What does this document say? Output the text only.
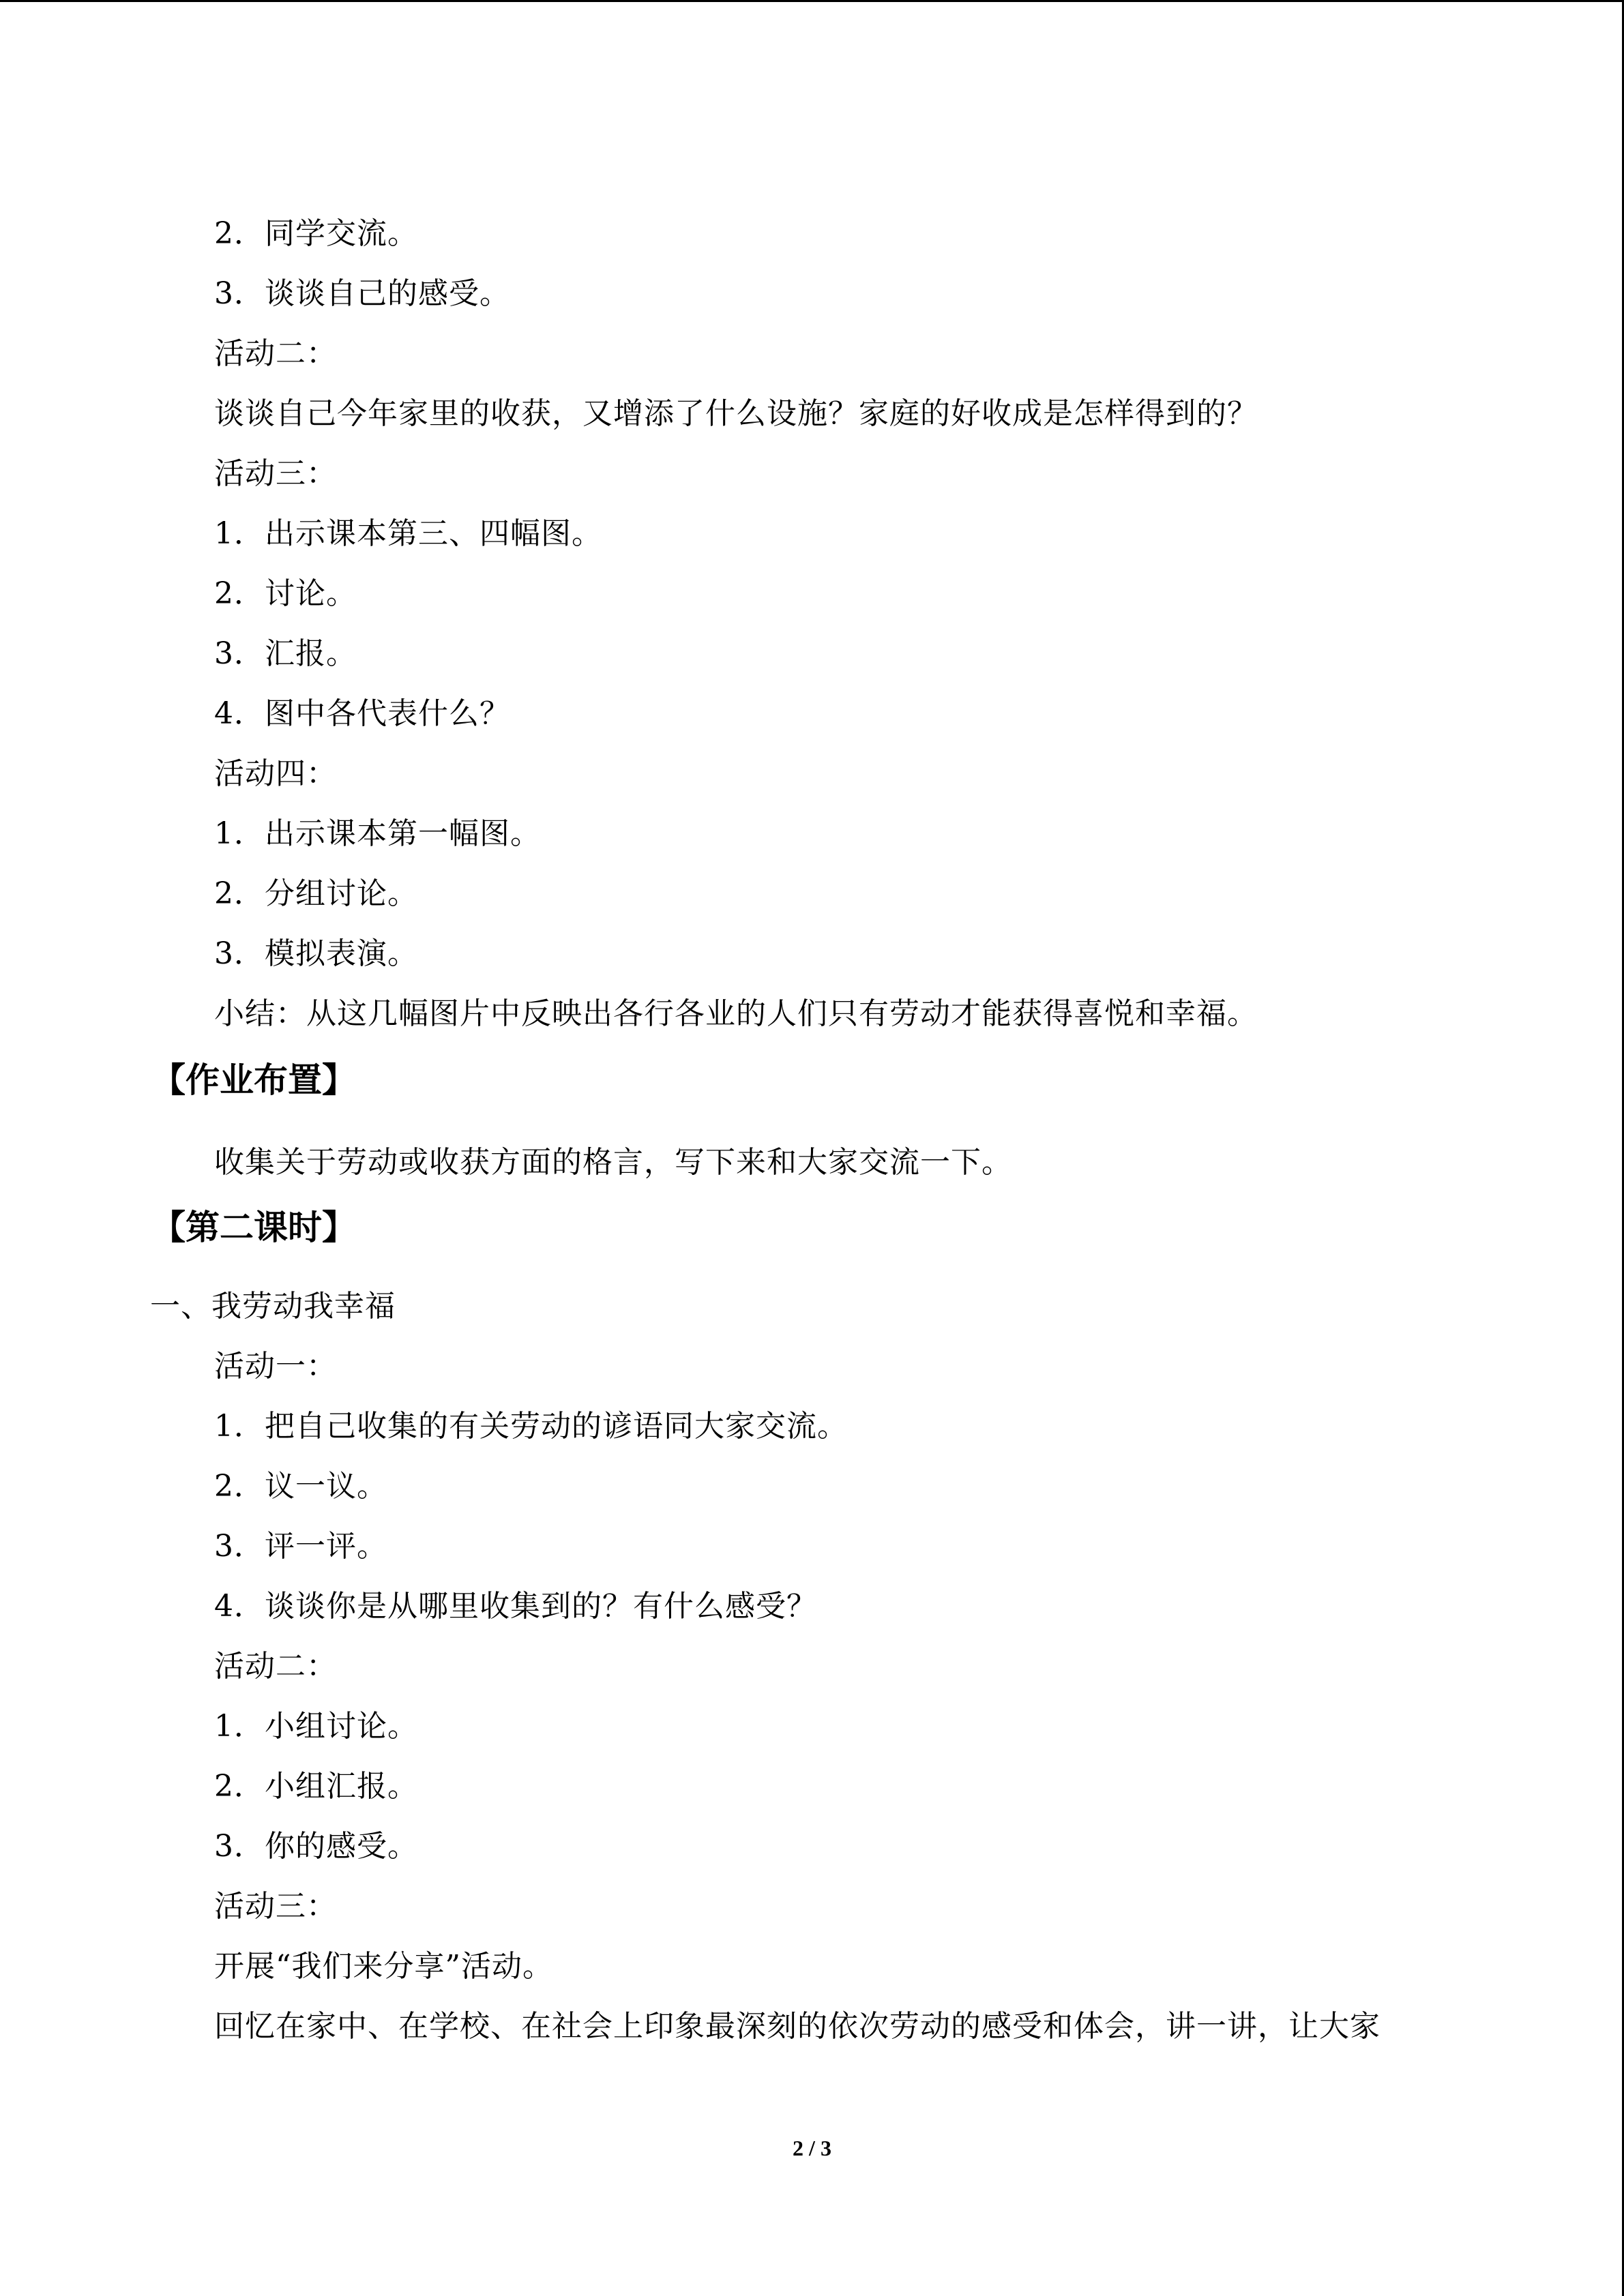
2．同学交流。
3．谈谈自己的感受。
活动二：
谈谈自己今年家里的收获，又增添了什么设施？家庭的好收成是怎样得到的？
活动三：
1．出示课本第三、四幅图。
2．讨论。
3．汇报。
4．图中各代表什么？
活动四：
1．出示课本第一幅图。
2．分组讨论。
3．模拟表演。
小结：从这几幅图片中反映出各行各业的人们只有劳动才能获得喜悦和幸福。
【作业布置】
收集关于劳动或收获方面的格言，写下来和大家交流一下。
【第二课时】
一、我劳动我幸福
活动一：
1．把自己收集的有关劳动的谚语同大家交流。
2．议一议。
3．评一评。
4．谈谈你是从哪里收集到的？有什么感受？
活动二：
1．小组讨论。
2．小组汇报。
3．你的感受。
活动三：
开展“我们来分享”活动。
回忆在家中、在学校、在社会上印象最深刻的依次劳动的感受和体会，讲一讲，让大家
2 / 3
